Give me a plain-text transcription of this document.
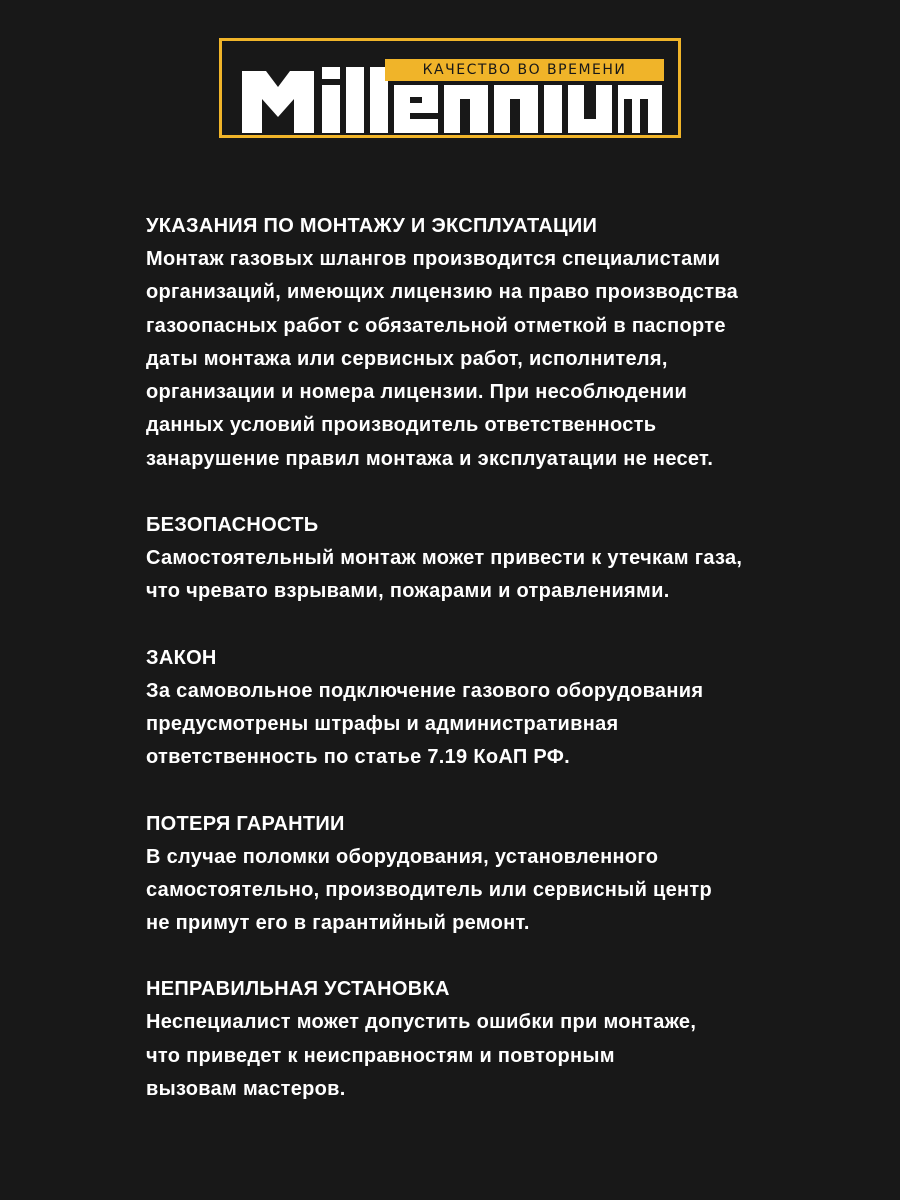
КАЧЕСТВО ВО ВРЕМЕНИ
УКАЗАНИЯ ПО МОНТАЖУ И ЭКСПЛУАТАЦИИ
Монтаж газовых шлангов производится специалистами
организаций, имеющих лицензию на право производства
газоопасных работ с обязательной отметкой в паспорте
даты монтажа или сервисных работ, исполнителя,
организации и номера лицензии. При несоблюдении
данных условий производитель ответственность
занарушение правил монтажа и эксплуатации не несет.
БЕЗОПАСНОСТЬ
Самостоятельный монтаж может привести к утечкам газа,
что чревато взрывами, пожарами и отравлениями.
ЗАКОН
За самовольное подключение газового оборудования
предусмотрены штрафы и административная
ответственность по статье 7.19 КоАП РФ.
ПОТЕРЯ ГАРАНТИИ
В случае поломки оборудования, установленного
самостоятельно, производитель или сервисный центр
не примут его в гарантийный ремонт.
НЕПРАВИЛЬНАЯ УСТАНОВКА
Неспециалист может допустить ошибки при монтаже,
что приведет к неисправностям и повторным
вызовам мастеров.
